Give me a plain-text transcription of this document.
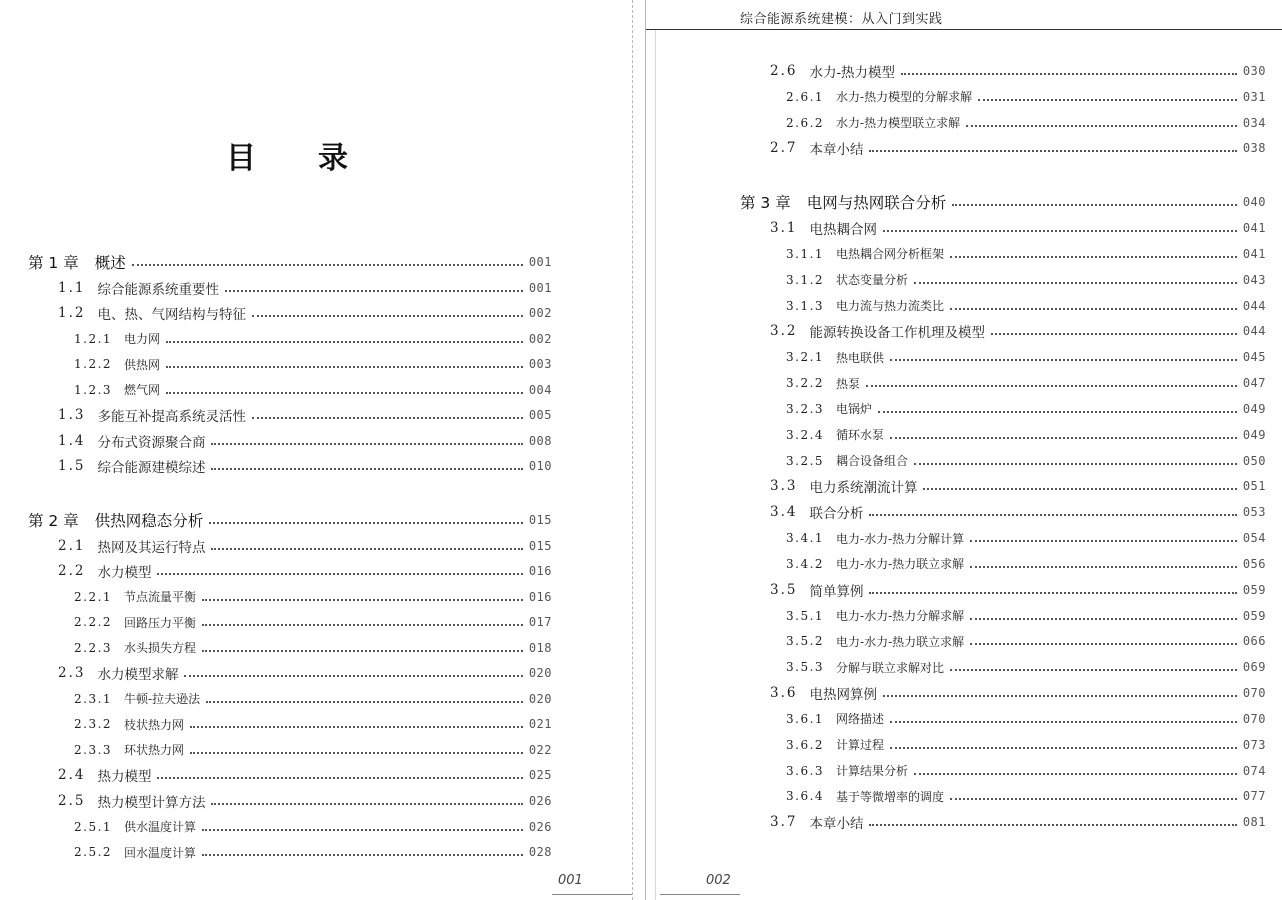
目录
第 1 章 概述	001
1.1 综合能源系统重要性	001
1.2 电、热、气网结构与特征	002
1.2.1 电力网	002
1.2.2 供热网	003
1.2.3 燃气网	004
1.3 多能互补提高系统灵活性	005
1.4 分布式资源聚合商	008
1.5 综合能源建模综述	010
第 2 章 供热网稳态分析	015
2.1 热网及其运行特点	015
2.2 水力模型	016
2.2.1 节点流量平衡	016
2.2.2 回路压力平衡	017
2.2.3 水头损失方程	018
2.3 水力模型求解	020
2.3.1 牛顿-拉夫逊法	020
2.3.2 枝状热力网	021
2.3.3 环状热力网	022
2.4 热力模型	025
2.5 热力模型计算方法	026
2.5.1 供水温度计算	026
2.5.2 回水温度计算	028
2.6 水力-热力模型	030
2.6.1 水力-热力模型的分解求解	031
2.6.2 水力-热力模型联立求解	034
2.7 本章小结	038
第 3 章 电网与热网联合分析	040
3.1 电热耦合网	041
3.1.1 电热耦合网分析框架	041
3.1.2 状态变量分析	043
3.1.3 电力流与热力流类比	044
3.2 能源转换设备工作机理及模型	044
3.2.1 热电联供	045
3.2.2 热泵	047
3.2.3 电锅炉	049
3.2.4 循环水泵	049
3.2.5 耦合设备组合	050
3.3 电力系统潮流计算	051
3.4 联合分析	053
3.4.1 电力-水力-热力分解计算	054
3.4.2 电力-水力-热力联立求解	056
3.5 简单算例	059
3.5.1 电力-水力-热力分解求解	059
3.5.2 电力-水力-热力联立求解	066
3.5.3 分解与联立求解对比	069
3.6 电热网算例	070
3.6.1 网络描述	070
3.6.2 计算过程	073
3.6.3 计算结果分析	074
3.6.4 基于等微增率的调度	077
3.7 本章小结	081
综合能源系统建模：从入门到实践
001	002
